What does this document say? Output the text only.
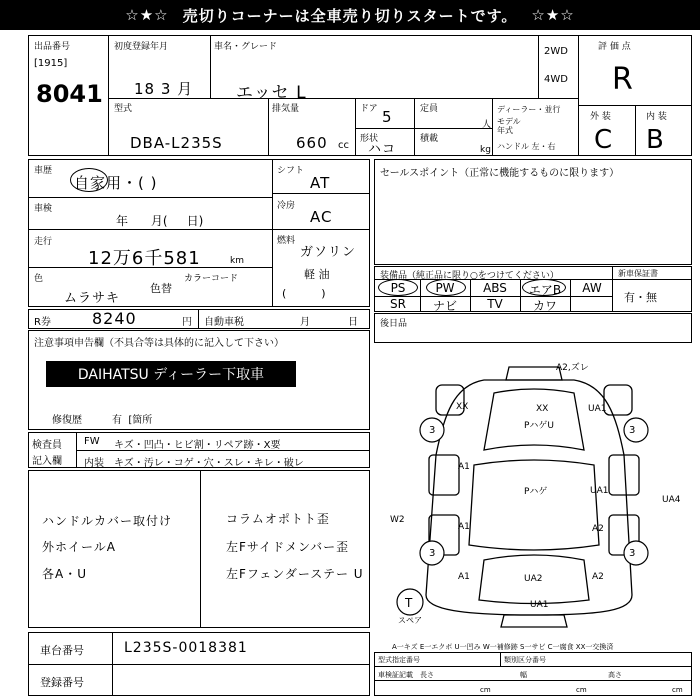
☆★☆ 売切りコーナーは全車売り切りスタートです。 ☆★☆
出品番号
[1915]
8041
初度登録年月
18 3 月
車名・グレード
エッセ L
2WD
4WD
型式
DBA-L235S
排気量
660 cc
ドア 5	定員
人
形状
ハコ
積載
kg
ディーラー・並行
モデル
年式
ハンドル 左・右
評 価 点
R
外 装	内 装
C B
車歴
自家用・( )
車検
年      月(     日)
走行
12万6千581	km
色
ムラサキ
色替
カラーコード
シフト
AT
冷房
AC
燃料
ガソリン
軽 油
(          )
R券	8240	円 自動車税	月	日
セールスポイント（正常に機能するものに限ります）
装備品（純正品に限り○をつけてください）
PS	PW	ABS	エアB	AW
SR	ナビ	TV	カワ
新車保証書
有・無
注意事項申告欄（不具合等は具体的に記入して下さい）
DAIHATSU ディーラー下取車
修復歴	有  [箇所
後日品
検査員
記入欄
FW キズ・凹凸・ヒビ割・リペア跡・X要
内装 キズ・汚レ・コゲ・穴・スレ・キレ・破レ
ハンドルカバー取付け
外ホイールA
各A・U
コラムオポトト歪
左Fサイドメンバー歪
左Fフェンダーステー U
A2,ズレ
XX	XX
PハゲU
UA1
3	3
A1
Pハゲ	UA1
UA4
W2
A1	A2
3	3
A1	UA2	A2
T
スペア
UA1
A一キズ E一エクボ U一凹み W一補修跡 S一サビ C一腐食 XX一交換済
車台番号	L235S-0018381
登録番号
型式指定番号	類別区分番号
車検証記載 長さ	幅	高さ
cm	cm	cm
